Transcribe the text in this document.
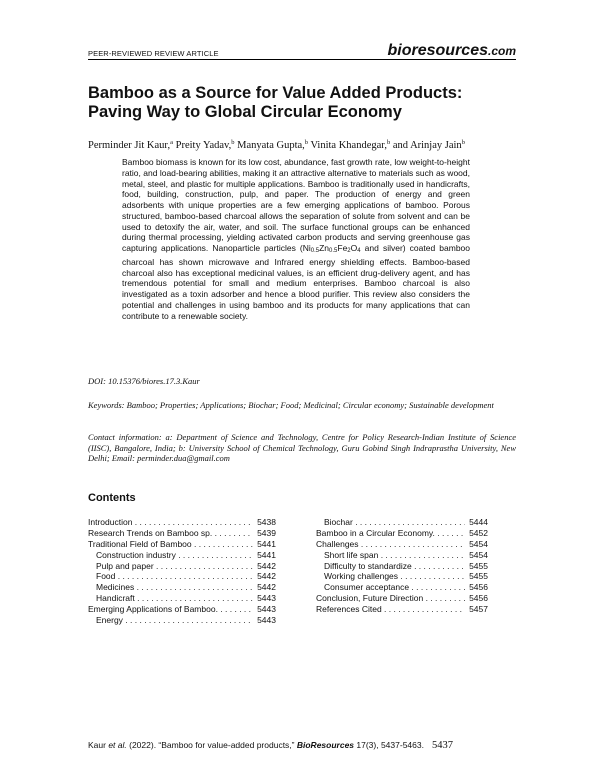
PEER-REVIEWED REVIEW ARTICLE	bioresources.com
Bamboo as a Source for Value Added Products:
Paving Way to Global Circular Economy
Perminder Jit Kaur,$^a$ Preity Yadav,$^b$ Manyata Gupta,$^b$ Vinita Khandegar,$^b$ and Arinjay Jain$^b$
Bamboo biomass is known for its low cost, abundance, fast growth rate, low weight-to-height ratio, and load-bearing abilities, making it an attractive alternative to materials such as wood, metal, steel, and plastic for multiple applications. Bamboo is traditionally used in handicrafts, food, building, construction, pulp, and paper. The production of energy and green adsorbents with unique properties are a few emerging applications of bamboo. Porous structured, bamboo-based charcoal allows the separation of solute from solvent and can be used to detoxify the air, water, and soil. The surface functional groups can be enhanced during thermal processing, yielding activated carbon products and serving greenhouse gas capturing applications. Nanoparticle particles ($Ni_{0.5}Zn_{0.5}Fe_2O_4$ and silver) coated bamboo charcoal has shown microwave and Infrared energy shielding effects. Bamboo-based charcoal also has exceptional medicinal values, is an efficient drug-delivery agent, and has tremendous potential for small and medium enterprises. Bamboo charcoal is also investigated as a toxin adsorber and hence a blood purifier. This review also considers the potential and challenges in using bamboo and its products for many applications that can contribute to a renewable society.
DOI: 10.15376/biores.17.3.Kaur
Keywords: Bamboo; Properties; Applications; Biochar; Food; Medicinal; Circular economy; Sustainable development
Contact information: a: Department of Science and Technology, Centre for Policy Research-Indian Institute of Science (IISC), Bangalore, India; b: University School of Chemical Technology, Guru Gobind Singh Indraprastha University, New Delhi; Email: perminder.dua@gmail.com
Contents
Introduction . . .	5438
Research Trends on Bamboo sp. . . .	5439
Traditional Field of Bamboo . . .	5441
Construction industry . . .	5441
Pulp and paper . . .	5442
Food . . .	5442
Medicines . . .	5442
Handicraft . . .	5443
Emerging Applications of Bamboo. . . .	5443
Energy . . .	5443
Biochar . . .	5444
Bamboo in a Circular Economy. . . .	5452
Challenges . . .	5454
Short life span . . .	5454
Difficulty to standardize . . .	5455
Working challenges . . .	5455
Consumer acceptance . . .	5456
Conclusion, Future Direction . . .	5456
References Cited . . .	5457
Kaur et al. (2022). “Bamboo for value-added products,” BioResources 17(3), 5437-5463. 5437
